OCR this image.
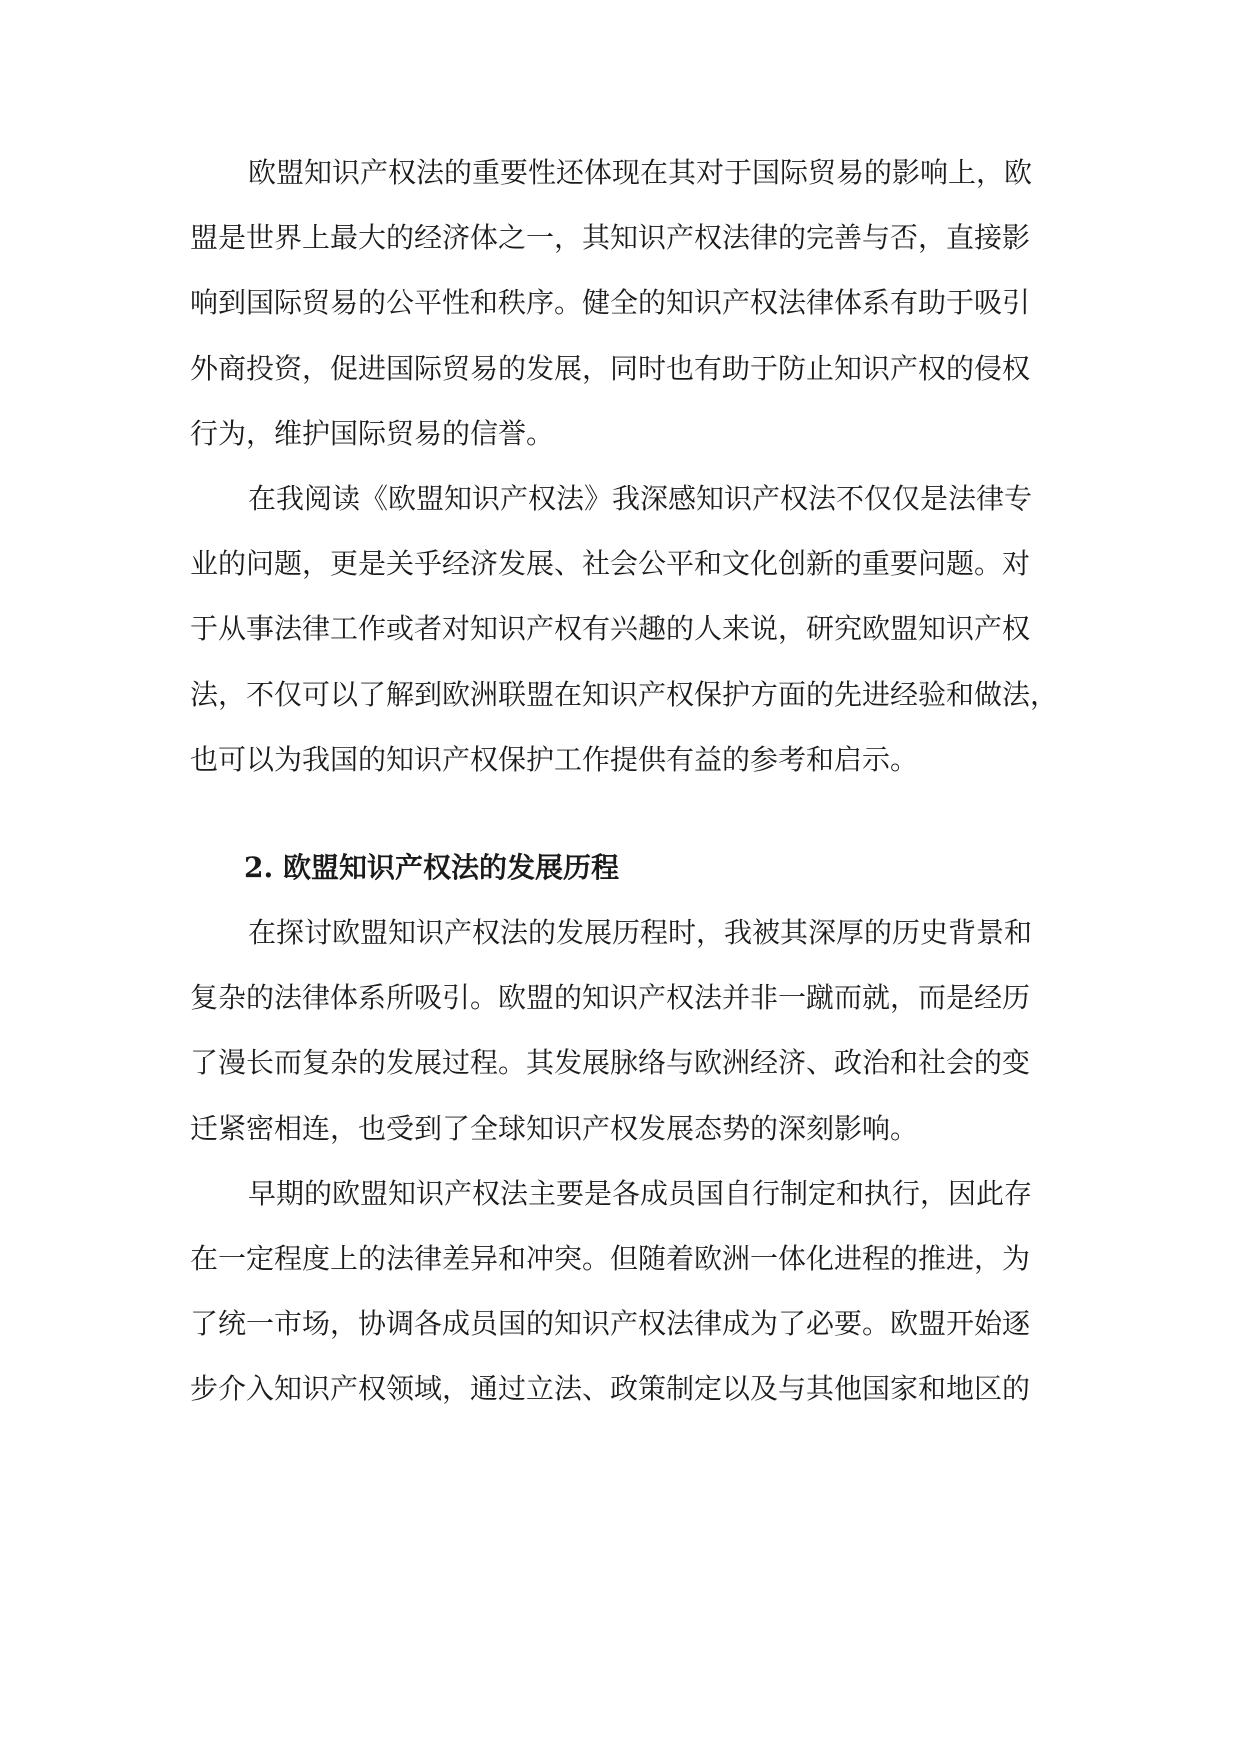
欧盟知识产权法的重要性还体现在其对于国际贸易的影响上，欧
盟是世界上最大的经济体之一，其知识产权法律的完善与否，直接影
响到国际贸易的公平性和秩序。健全的知识产权法律体系有助于吸引
外商投资，促进国际贸易的发展，同时也有助于防止知识产权的侵权
行为，维护国际贸易的信誉。
在我阅读《欧盟知识产权法》我深感知识产权法不仅仅是法律专
业的问题，更是关乎经济发展、社会公平和文化创新的重要问题。对
于从事法律工作或者对知识产权有兴趣的人来说，研究欧盟知识产权
法，不仅可以了解到欧洲联盟在知识产权保护方面的先进经验和做法，
也可以为我国的知识产权保护工作提供有益的参考和启示。
2. 欧盟知识产权法的发展历程
在探讨欧盟知识产权法的发展历程时，我被其深厚的历史背景和
复杂的法律体系所吸引。欧盟的知识产权法并非一蹴而就，而是经历
了漫长而复杂的发展过程。其发展脉络与欧洲经济、政治和社会的变
迁紧密相连，也受到了全球知识产权发展态势的深刻影响。
早期的欧盟知识产权法主要是各成员国自行制定和执行，因此存
在一定程度上的法律差异和冲突。但随着欧洲一体化进程的推进，为
了统一市场，协调各成员国的知识产权法律成为了必要。欧盟开始逐
步介入知识产权领域，通过立法、政策制定以及与其他国家和地区的
